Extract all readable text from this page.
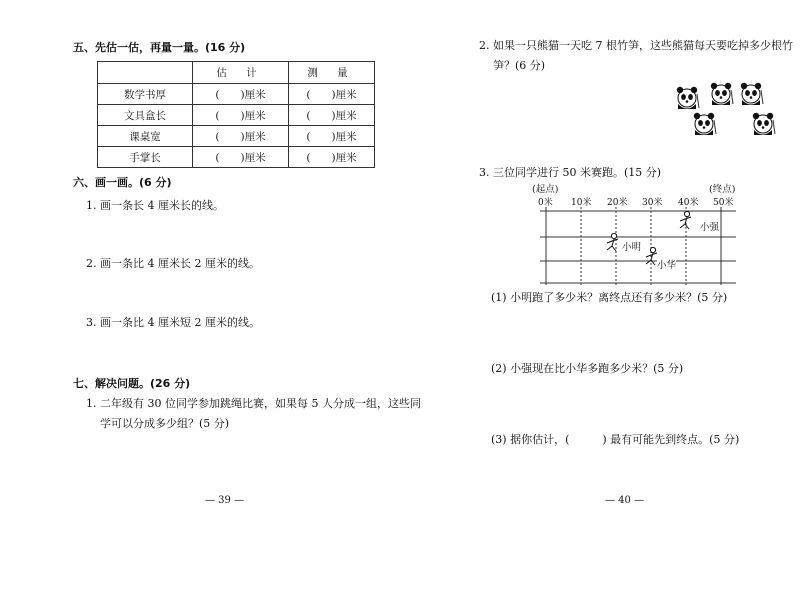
五、先估一估，再量一量。(16 分)
	估 计	测 量
数学书厚	(　　)厘米	(　　)厘米
文具盒长	(　　)厘米	(　　)厘米
课桌宽	(　　)厘米	(　　)厘米
手掌长	(　　)厘米	(　　)厘米
六、画一画。(6 分)
1. 画一条长 4 厘米长的线。
2. 画一条比 4 厘米长 2 厘米的线。
3. 画一条比 4 厘米短 2 厘米的线。
七、解决问题。(26 分)
1. 二年级有 30 位同学参加跳绳比赛，如果每 5 人分成一组，这些同
学可以分成多少组？(5 分)
— 39 —
2. 如果一只熊猫一天吃 7 根竹笋，这些熊猫每天要吃掉多少根竹
笋？(6 分)
3. 三位同学进行 50 米赛跑。(15 分)
(起点)	(终点)
0米 10米 20米 30米 40米 50米
小明
小华
小强
(1) 小明跑了多少米？离终点还有多少米？(5 分)
(2) 小强现在比小华多跑多少米？(5 分)
(3) 据你估计，(　　　) 最有可能先到终点。(5 分)
— 40 —
